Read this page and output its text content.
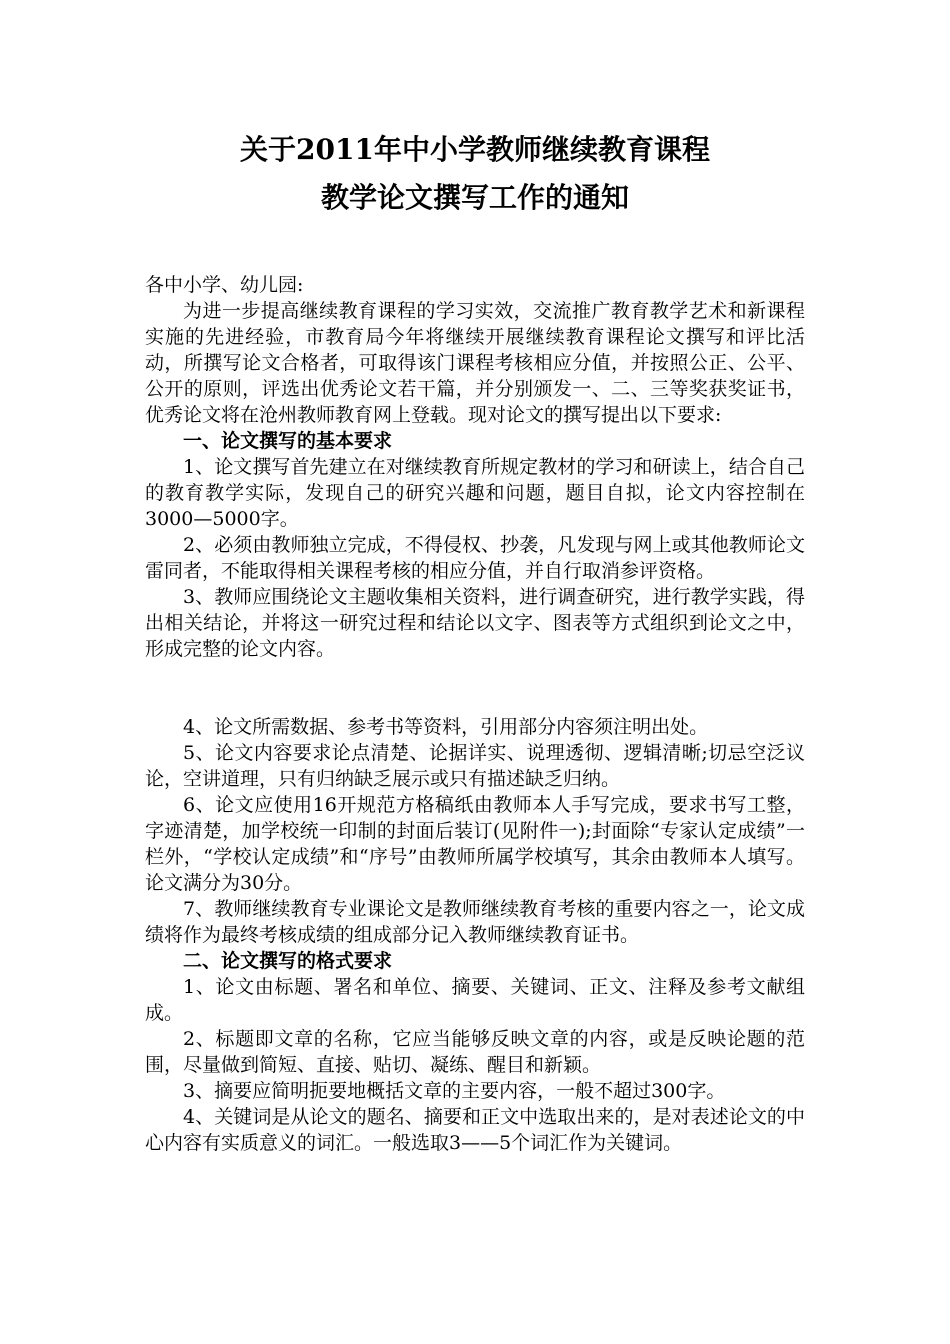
关于2011年中小学教师继续教育课程
教学论文撰写工作的通知

各中小学、幼儿园:

为进一步提高继续教育课程的学习实效，交流推广教育教学艺术和新课程实施的先进经验，市教育局今年将继续开展继续教育课程论文撰写和评比活动，所撰写论文合格者，可取得该门课程考核相应分值，并按照公正、公平、公开的原则，评选出优秀论文若干篇，并分别颁发一、二、三等奖获奖证书，优秀论文将在沧州教师教育网上登载。现对论文的撰写提出以下要求:

一、论文撰写的基本要求

1、论文撰写首先建立在对继续教育所规定教材的学习和研读上，结合自己的教育教学实际，发现自己的研究兴趣和问题，题目自拟，论文内容控制在3000—5000字。

2、必须由教师独立完成，不得侵权、抄袭，凡发现与网上或其他教师论文雷同者，不能取得相关课程考核的相应分值，并自行取消参评资格。

3、教师应围绕论文主题收集相关资料，进行调查研究，进行教学实践，得出相关结论，并将这一研究过程和结论以文字、图表等方式组织到论文之中，形成完整的论文内容。

4、论文所需数据、参考书等资料，引用部分内容须注明出处。

5、论文内容要求论点清楚、论据详实、说理透彻、逻辑清晰;切忌空泛议论，空讲道理，只有归纳缺乏展示或只有描述缺乏归纳。

6、论文应使用16开规范方格稿纸由教师本人手写完成，要求书写工整，字迹清楚，加学校统一印制的封面后装订(见附件一);封面除“专家认定成绩”一栏外，“学校认定成绩”和“序号”由教师所属学校填写，其余由教师本人填写。论文满分为30分。

7、教师继续教育专业课论文是教师继续教育考核的重要内容之一，论文成绩将作为最终考核成绩的组成部分记入教师继续教育证书。

二、论文撰写的格式要求

1、论文由标题、署名和单位、摘要、关键词、正文、注释及参考文献组成。

2、标题即文章的名称，它应当能够反映文章的内容，或是反映论题的范围，尽量做到简短、直接、贴切、凝练、醒目和新颖。

3、摘要应简明扼要地概括文章的主要内容，一般不超过300字。

4、关键词是从论文的题名、摘要和正文中选取出来的，是对表述论文的中心内容有实质意义的词汇。一般选取3——5个词汇作为关键词。
